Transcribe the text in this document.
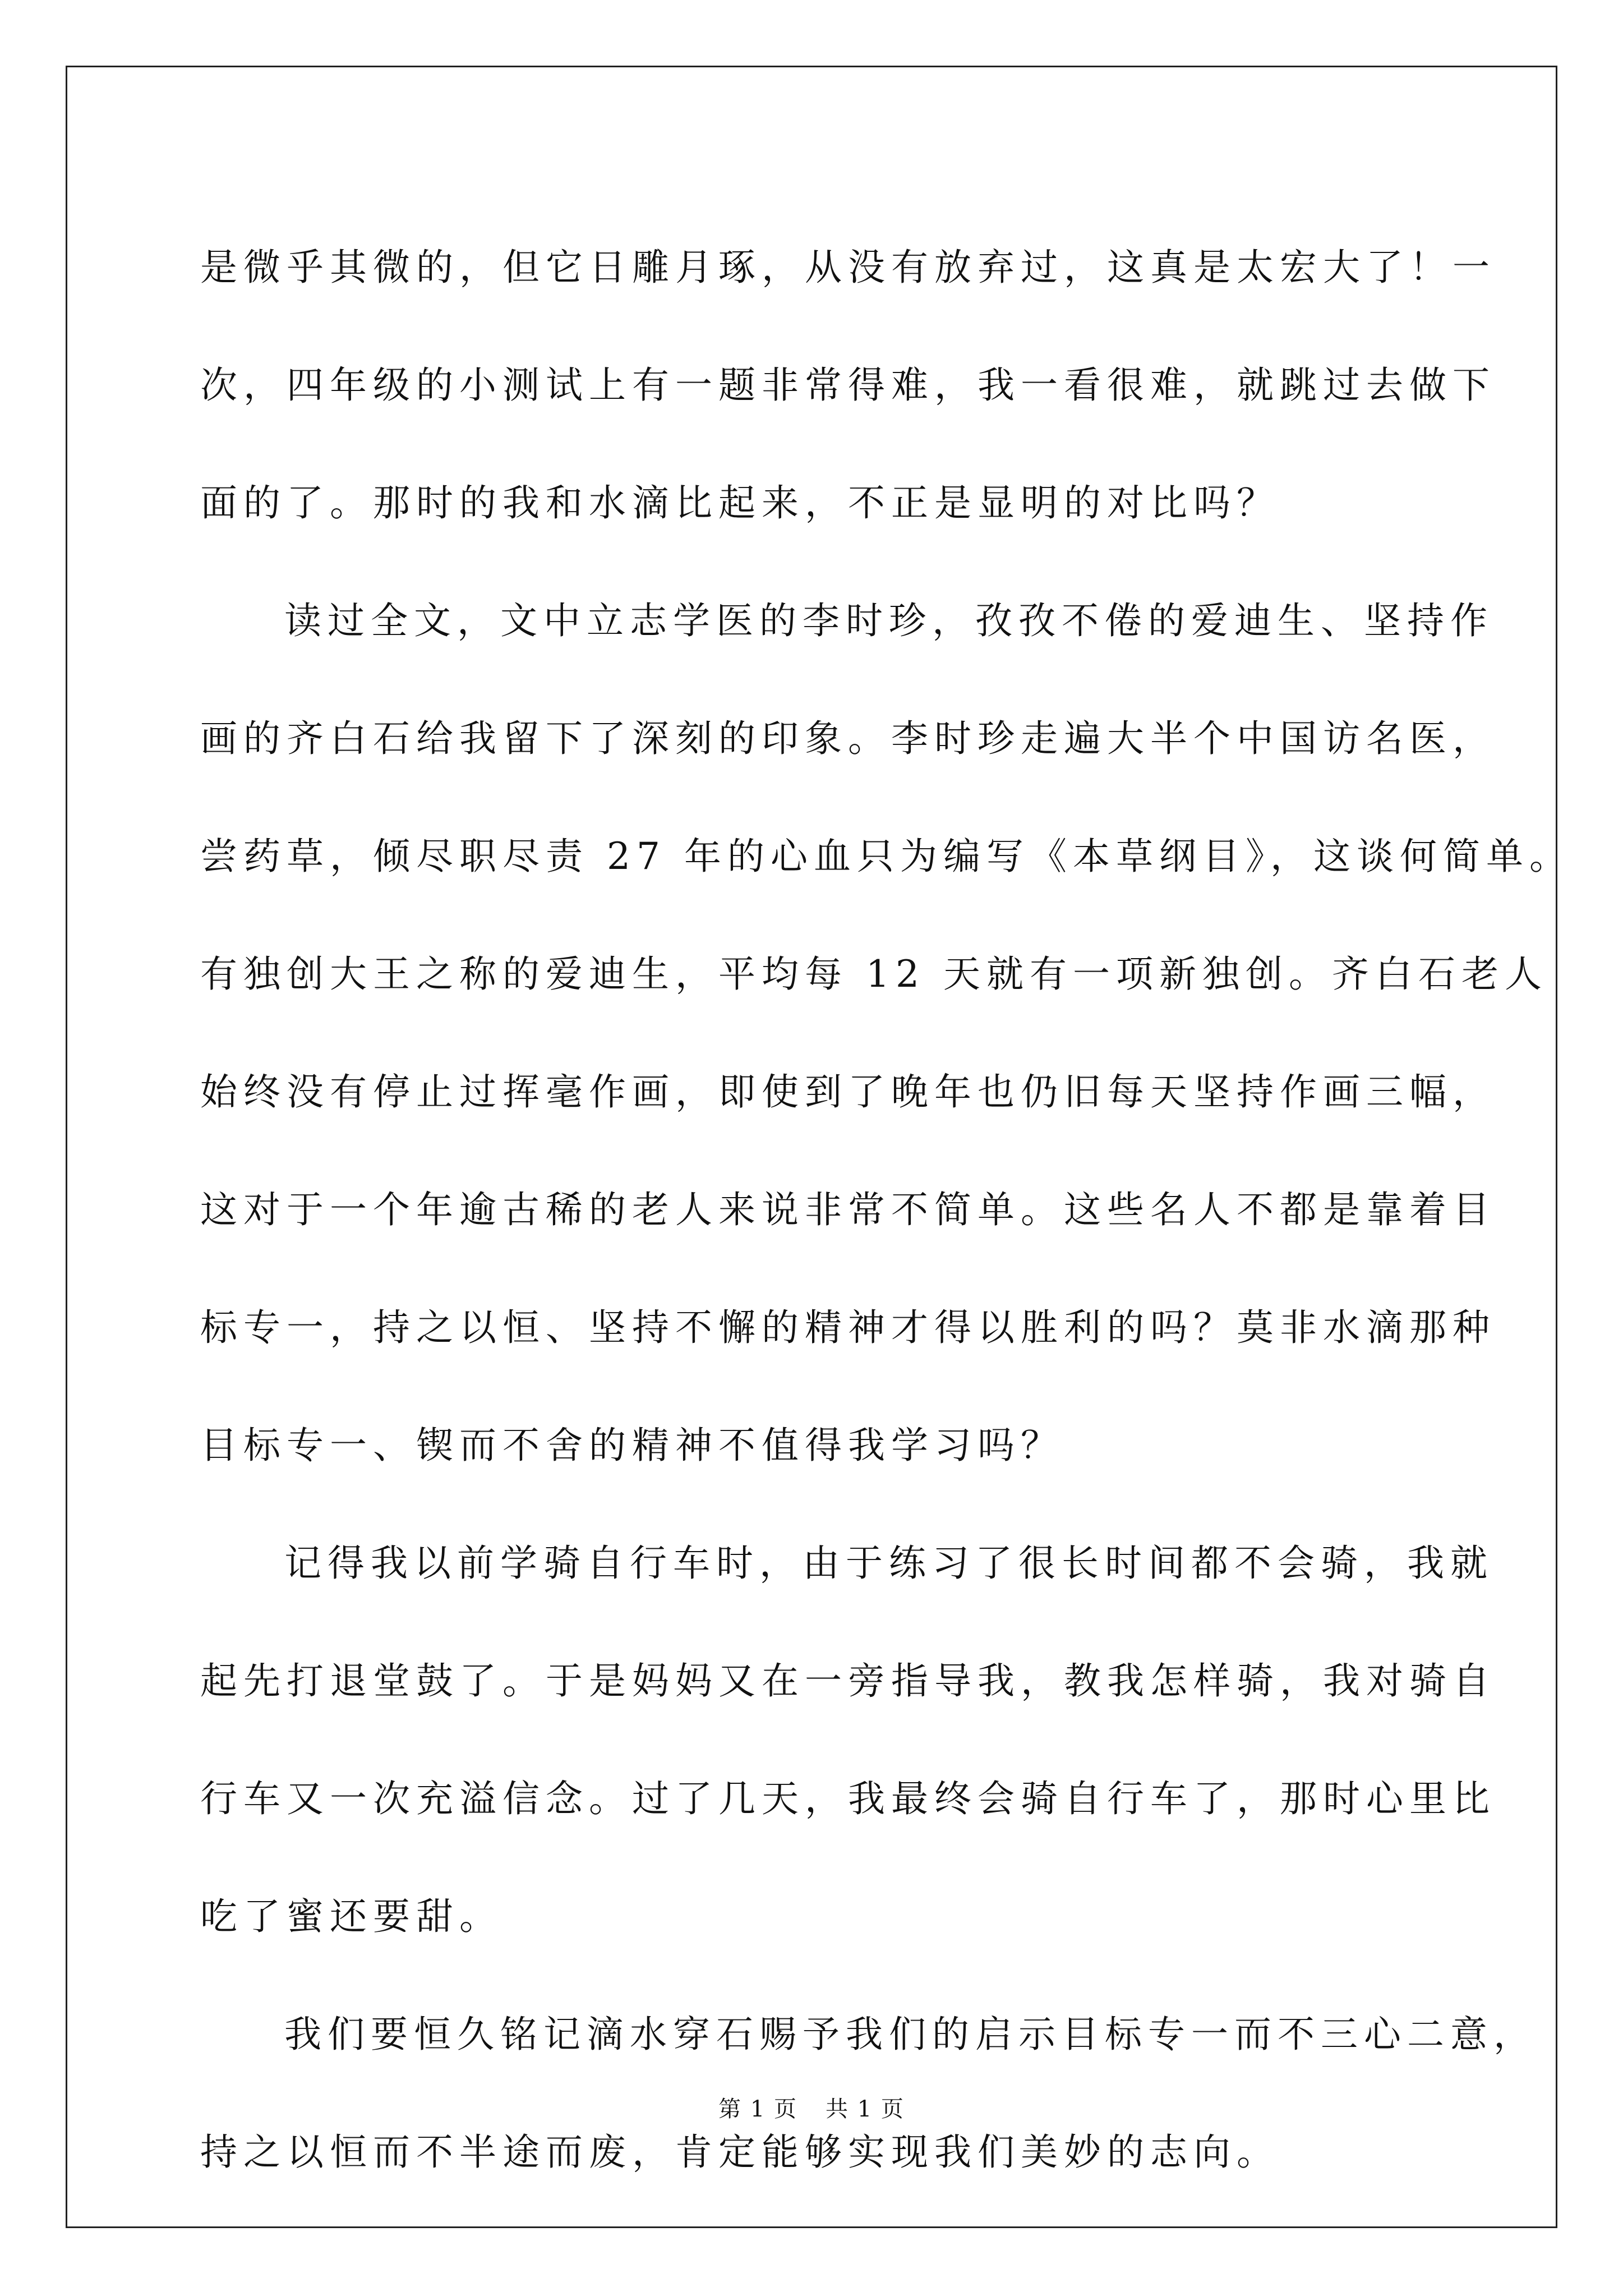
是微乎其微的，但它日雕月琢，从没有放弃过，这真是太宏大了！一
次，四年级的小测试上有一题非常得难，我一看很难，就跳过去做下
面的了。那时的我和水滴比起来，不正是显明的对比吗？
读过全文，文中立志学医的李时珍，孜孜不倦的爱迪生、坚持作
画的齐白石给我留下了深刻的印象。李时珍走遍大半个中国访名医，
尝药草，倾尽职尽责 27 年的心血只为编写《本草纲目》，这谈何简单。
有独创大王之称的爱迪生，平均每 12 天就有一项新独创。齐白石老人
始终没有停止过挥毫作画，即使到了晚年也仍旧每天坚持作画三幅，
这对于一个年逾古稀的老人来说非常不简单。这些名人不都是靠着目
标专一，持之以恒、坚持不懈的精神才得以胜利的吗？莫非水滴那种
目标专一、锲而不舍的精神不值得我学习吗？
记得我以前学骑自行车时，由于练习了很长时间都不会骑，我就
起先打退堂鼓了。于是妈妈又在一旁指导我，教我怎样骑，我对骑自
行车又一次充溢信念。过了几天，我最终会骑自行车了，那时心里比
吃了蜜还要甜。
我们要恒久铭记滴水穿石赐予我们的启示目标专一而不三心二意，
持之以恒而不半途而废，肯定能够实现我们美妙的志向。
第 1 页 共 1 页
